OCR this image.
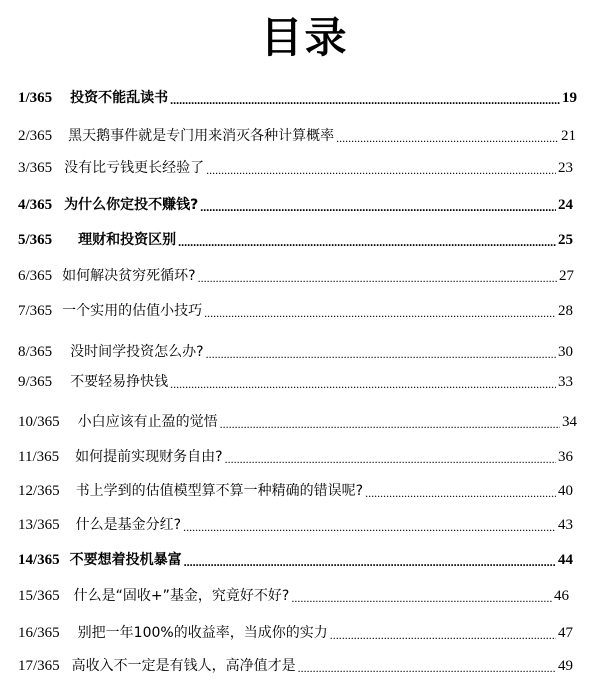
目录
1/365 投资不能乱读书 .....	19
2/365 黑天鹅事件就是专门用来消灭各种计算概率 .....	21
3/365 没有比亏钱更长经验了 .....	23
4/365 为什么你定投不赚钱? .....	24
5/365 理财和投资区别 .....	25
6/365 如何解决贫穷死循环? .....	27
7/365 一个实用的估值小技巧 .....	28
8/365 没时间学投资怎么办? .....	30
9/365 不要轻易挣快钱 .....	33
10/365 小白应该有止盈的觉悟 .....	34
11/365 如何提前实现财务自由? .....	36
12/365 书上学到的估值模型算不算一种精确的错误呢? .....	40
13/365 什么是基金分红? .....	43
14/365 不要想着投机暴富 .....	44
15/365 什么是“固收+”基金，究竟好不好? .....	46
16/365 别把一年100%的收益率，当成你的实力 .....	47
17/365 高收入不一定是有钱人，高净值才是 .....	49
